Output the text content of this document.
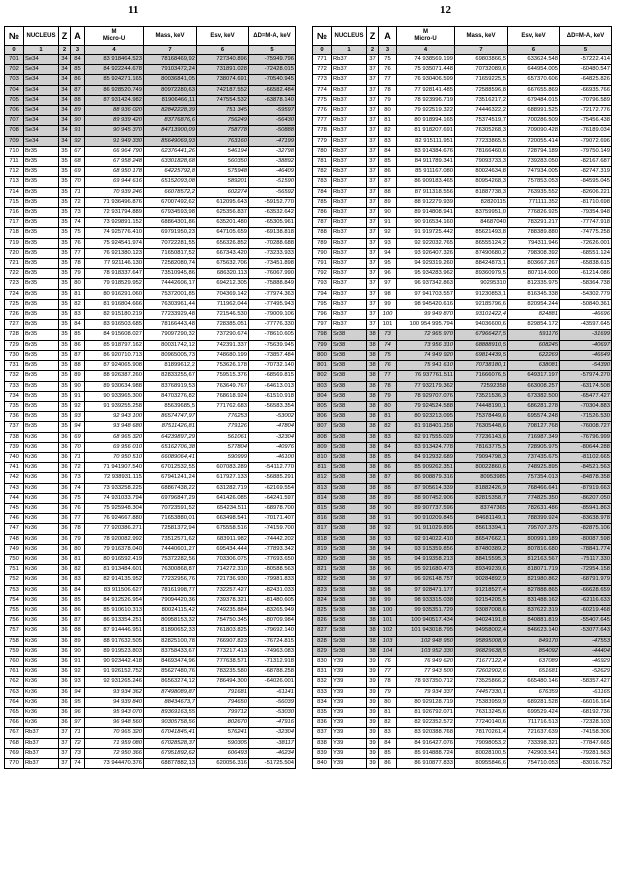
11	12
№	NUCLEUS	Z	A	M
Micro-U	Mass, keV	Esv, keV	ΔD=M-A, keV
0	1	2	3	4	7	6	5
701	Se34	34	84	83 918464.523	78168469,92	727340.896	-75949.796
702	Se34	34	85	84 922244.678	79103472,24	731891.028	-72428.015
703	Se34	34	86	85 924271.165	80036841,05	738074.691	-70540.945
704	Se34	34	87	86 928520.749	80972280,63	742187.552	-66582.484
705	Se34	34	88	87 931424.982	81906466,11	747554.532	-63878.140
706	Se34	34	89	88 936 020	82842228,39	751 345	-59597
707	Se34	34	90	89 939 420	83776876,6	756249	-56430
708	Se34	34	91	90 945 370	84713900,09	758778	-50888
709	Se34	34	92	91 949 330	85649069,93	763160	-47199
710	Br35	35	67	66 964 790	62376441,26	546194	-32798
711	Br35	35	68	67 958 248	63301828,68	560350	-38892
712	Br35	35	69	68 950 178	64225792,8	575948	-46409
713	Br35	35	70	69 944 616	65152093,08	589201	-51590
714	Br35	35	71	70 939 246	66078572,2	602274	-56592
715	Br35	35	72	71 936496.876	67007492,62	612095.643	-59152.770
716	Br35	35	73	72 931794.889	67934593,98	625356.837	-63532.642
717	Br35	35	74	73 929891.152	68864301,86	635201.480	-65305.961
718	Br35	35	75	74 925776.410	69791950,23	647105.659	-69138.818
719	Br35	35	76	75 924541.974	70722281,55	656326.852	-70288.688
720	Br35	35	77	76 921380.123	71650817,52	667343.420	-73233.933
721	Br35	35	78	77 921146.130	72582080,74	675632.706	-73451.898
722	Br35	35	79	78 918337.647	73510945,86	686320.113	-76067.990
723	Br35	35	80	79 918529.952	74442606,17	694212.305	-75888.849
724	Br35	35	81	80 916291.060	75372001,85	704369.142	-77974.363
725	Br35	35	82	81 916804.666	76303961,44	711962.044	-77495.943
726	Br35	35	83	82 915180.219	77233929,48	721546.530	-79009.106
727	Br35	35	84	83 916503.685	78166443,48	728385.051	-77776.330
728	Br35	35	85	84 915608.027	79097290,32	737290.674	-78610.605
729	Br35	35	86	85 918797.162	80031742,12	742391.337	-75639.945
730	Br35	35	87	86 920710.713	80965005,73	748680.199	-73857.484
731	Br35	35	88	87 924065.908	81899612,2	753626.178	-70732.140
732	Br35	35	89	88 926387.260	82833255,67	759515.376	-68569.815
733	Br35	35	90	89 930634.988	83768919,53	763649.767	-64613.013
734	Br35	35	91	90 933965.300	84703276,82	768618.924	-61510.918
735	Br35	35	92	91 939255.258	85639685,5	771762.683	-56583.354
736	Br35	35	93	92 943 100	86574747,97	776253	-53002
737	Br35	35	94	93 948 680	87511426,81	779126	-47804
738	Kr36	36	69	68 965 320	64239897,29	561061	-32304
739	Kr36	36	70	69 956 010	65162706,38	577804	-40976
740	Kr36	36	71	70 950 510	66089064,41	590999	-46100
741	Kr36	36	72	71 941907.540	67012532,55	607083.289	-54112.770
742	Kr36	36	73	72 938931.115	67941241,24	617927.133	-56885.291
743	Kr36	36	74	73 933258.225	68867438,22	631282.719	-62169.554
744	Kr36	36	75	74 931033.794	69796847,29	641426.085	-64241.597
745	Kr36	36	76	75 925948.304	70723591,52	654234.511	-68978.700
746	Kr36	36	77	76 924667.880	71653880,01	663498.541	-70171.407
747	Kr36	36	78	77 920386.271	72581372,94	675558.516	-74159.700
748	Kr36	36	79	78 920082.992	73512571,62	683911.982	-74442.202
749	Kr36	36	80	79 916378.040	74440601,27	695434.444	-77893.342
750	Kr36	36	81	80 916592.419	75372282,56	703306.075	-77693.650
751	Kr36	36	82	81 913484.601	76300868,87	714272.310	-80588.563
752	Kr36	36	83	82 914135.952	77232956,76	721736.930	-79981.833
753	Kr36	36	84	83 911506.627	78161998,77	732257.427	-82431.033
754	Kr36	36	85	84 912526.954	79094420,36	739378.321	-81480.605
755	Kr36	36	86	85 910610.313	80024115,42	749235.884	-83265.949
756	Kr36	36	87	86 913354.251	80958153,32	754750.345	-80709.984
757	Kr36	36	88	87 914446.951	81890652,33	761803.825	-79692.140
758	Kr36	36	89	88 917632.505	82825100,78	766907.823	-76724.815
759	Kr36	36	90	89 919523.803	83758433,67	773217.413	-74963.083
760	Kr36	36	91	90 923442.418	84693474,96	777638.571	-71312.918
761	Kr36	36	92	91 926152.752	85627480,76	783235.580	-68788.258
762	Kr36	36	93	92 931265.246	86563274,12	786494.300	-64026.001
763	Kr36	36	94	93 934 362	87498089,87	791681	-61141
764	Kr36	36	95	94 939 840	88434673,7	794650	-56039
765	Kr36	36	96	95 943 070	89369163,55	799712	-53030
766	Kr36	36	97	96 948 560	90305758,56	802670	-47916
767	Rb37	37	71	70 965 320	67041845,41	576241	-32304
768	Rb37	37	72	71 959 080	67028528,37	590305	-38117
769	Rb37	37	73	72 950 366	67951892,62	606493	-46234
770	Rb37	37	74	73 944470.376	68877882,13	620056.316	-51725.504
№	NUCLEUS	Z	A	M
Micro-U	Mass, keV	Esv, keV	ΔD=M-A, keV
0	1	2	3	4	7	6	5
771	Rb37	37	75	74 938569.199	69803866,5	633624.548	-57222.414
772	Rb37	37	76	75 935071.448	70732089,6	644954.005	-60480.547
773	Rb37	37	77	76 930406.599	71659225,5	657370.606	-64825.826
774	Rb37	37	78	77 928141.485	72588596,8	667655.869	-66935.766
775	Rb37	37	79	78 923996.719	73516217,2	679484.015	-70796.589
776	Rb37	37	80	79 922519.322	74446322,2	688991.525	-72172.776
777	Rb37	37	81	80 918994.165	75374519,7	700286.509	-75456.438
778	Rb37	37	82	81 918207.691	76305268,3	709090.428	-76189.034
779	Rb37	37	83	82 915111.951	77233865,5	720055.414	-79072.696
780	Rb37	37	84	83 914384.676	78166460,6	728794.189	-79750.149
781	Rb37	37	85	84 911789.341	79093733,3	739283.050	-82167.687
782	Rb37	37	86	85 911167.080	80024634,8	747934.005	-82747.319
783	Rb37	37	87	86 909183.465	80954268,3	757853.053	-84595.045
784	Rb37	37	88	87 911318.556	81887738,3	763935.552	-82606.221
785	Rb37	37	89	88 912279.939	82820115	771111.352	-81710.698
786	Rb37	37	90	89 914808.941	83759951,0	776826.925	-79354.948
787	Rb37	37	91	90 916534.160	84687040	783291.217	-77747.918
788	Rb37	37	92	91 919725.442	85621493,8	788389.880	-74775.258
789	Rb37	37	93	92 922032.765	86555124,2	794311.946	-72626.001
790	Rb37	37	94	93 926407.326	87490680,2	798308.392	-68551.124
791	Rb37	37	95	94 929319.260	88424873,1	803667.267	-65838.615
792	Rb37	37	96	95 934283.962	89360979,5	807114.000	-61214.086
793	Rb37	37	97	96 937342.863	90295310	812335.975	-58364.738
794	Rb37	37	98	97 941703.557	91230853,1	816345.338	-54302.779
795	Rb37	37	99	98 945420.616	92185796,6	820954.244	-50840.361
796	Rb37	37	100	99 949 870	93101422,4	824881	-46696
797	Rb37	37	101	100 954 995.794	94036600,6	829854.172	-43597.645
798	Sr38	38	73	72 965 970	67966427,5	591176	-31699
799	Sr38	38	74	73 956 310	68888910,5	608245	-40697
800	Sr38	38	75	74 949 920	69814439,5	622269	-46649
801	Sr38	38	76	75 941 610	70738180,1	638081	-54390
802	Sr38	38	77	76 937761.511	71666076,5	649317.197	-57974.270
803	Sr38	38	78	77 932179.362	72592358	663008.257	-63174.508
804	Sr38	38	79	78 929707.076	73521536,3	673382.500	-65477.427
805	Sr38	38	80	79 924524.588	74448190,1	686281.278	-70304.883
806	Sr38	38	81	80 923213.095	75378449,6	695574.248	-71526.530
807	Sr38	38	82	81 918401.258	76305448,6	708127.768	-76008.727
808	Sr38	38	83	82 917555.029	77236143,6	716987.349	-76796.999
809	Sr38	38	84	83 913424.778	78163775,5	728905.975	-80644.288
810	Sr38	38	85	84 912932.689	79094798,3	737435.675	-81102.665
811	Sr38	38	86	85 909262.351	80022860,6	748925.895	-84521.563
812	Sr38	38	87	86 908879.316	80953985	757354.013	-84878.358
813	Sr38	38	88	87 905614.339	81882426,9	768466.641	-87919.663
814	Sr38	38	89	88 907452.906	82815358,7	774825.350	-86207.050
815	Sr38	38	90	89 907737.596	83747365	782631.486	-85941.863
816	Sr38	38	91	90 910209.845	84681149,1	788399.924	-83638.978
817	Sr38	38	92	91 911029.895	85613394,1	795707.375	-82875.106
818	Sr38	38	93	92 914022.410	86547662,1	800991.189	-80087.598
819	Sr38	38	94	93 915359.856	87480389,2	807816.680	-78841.774
820	Sr38	38	95	94 919358.213	88415595,3	812163.567	-75117.330
821	Sr38	38	96	95 921680.473	89349239,6	818071.719	-72954.158
822	Sr38	38	97	96 926148.757	90284892,9	821980.862	-68791.979
823	Sr38	38	98	97 928471.177	91218527,4	827888.865	-66628.659
824	Sr38	38	99	98 933315.038	92154205,5	831488.162	-62116.633
825	Sr38	38	100	99 935351.729	93087008,6	837622.319	-60219.468
826	Sr38	38	101	100 940517.434	94024191,8	840881.819	-55407.645
827	Sr38	38	102	101 943018.795	94958002,4	846623.140	-53077.643
828	Sr38	38	103	102 948 950	95895008,9	849170	-47553
829	Sr38	38	104	103 952 330	96829638,5	854092	-44404
830	Y39	39	76	76 949 620	71677122,4	637089	-46929
831	Y39	39	77	77 943 500	72602902,6	651681	-52629
832	Y39	39	78	78 937350.712	73525866,2	665480.146	-58357.427
833	Y39	39	79	79 934 337	74457330,1	676359	-61165
834	Y39	39	80	80 929128.719	75383959,9	689281.528	-66016.164
835	Y39	39	81	81 926792.071	76313245,6	699529.424	-68192.736
836	Y39	39	82	82 922352.572	77240140,6	711716.513	-72328.103
837	Y39	39	83	83 920388.768	78170261,4	721637.639	-74158.306
838	Y39	39	84	84 916427.076	79098053,2	733398.321	-77847.665
839	Y39	39	85	85 914888.724	80028100,5	742903.541	-79281.563
840	Y39	39	86	86 910877.833	80955846,6	754710.053	-83016.752
